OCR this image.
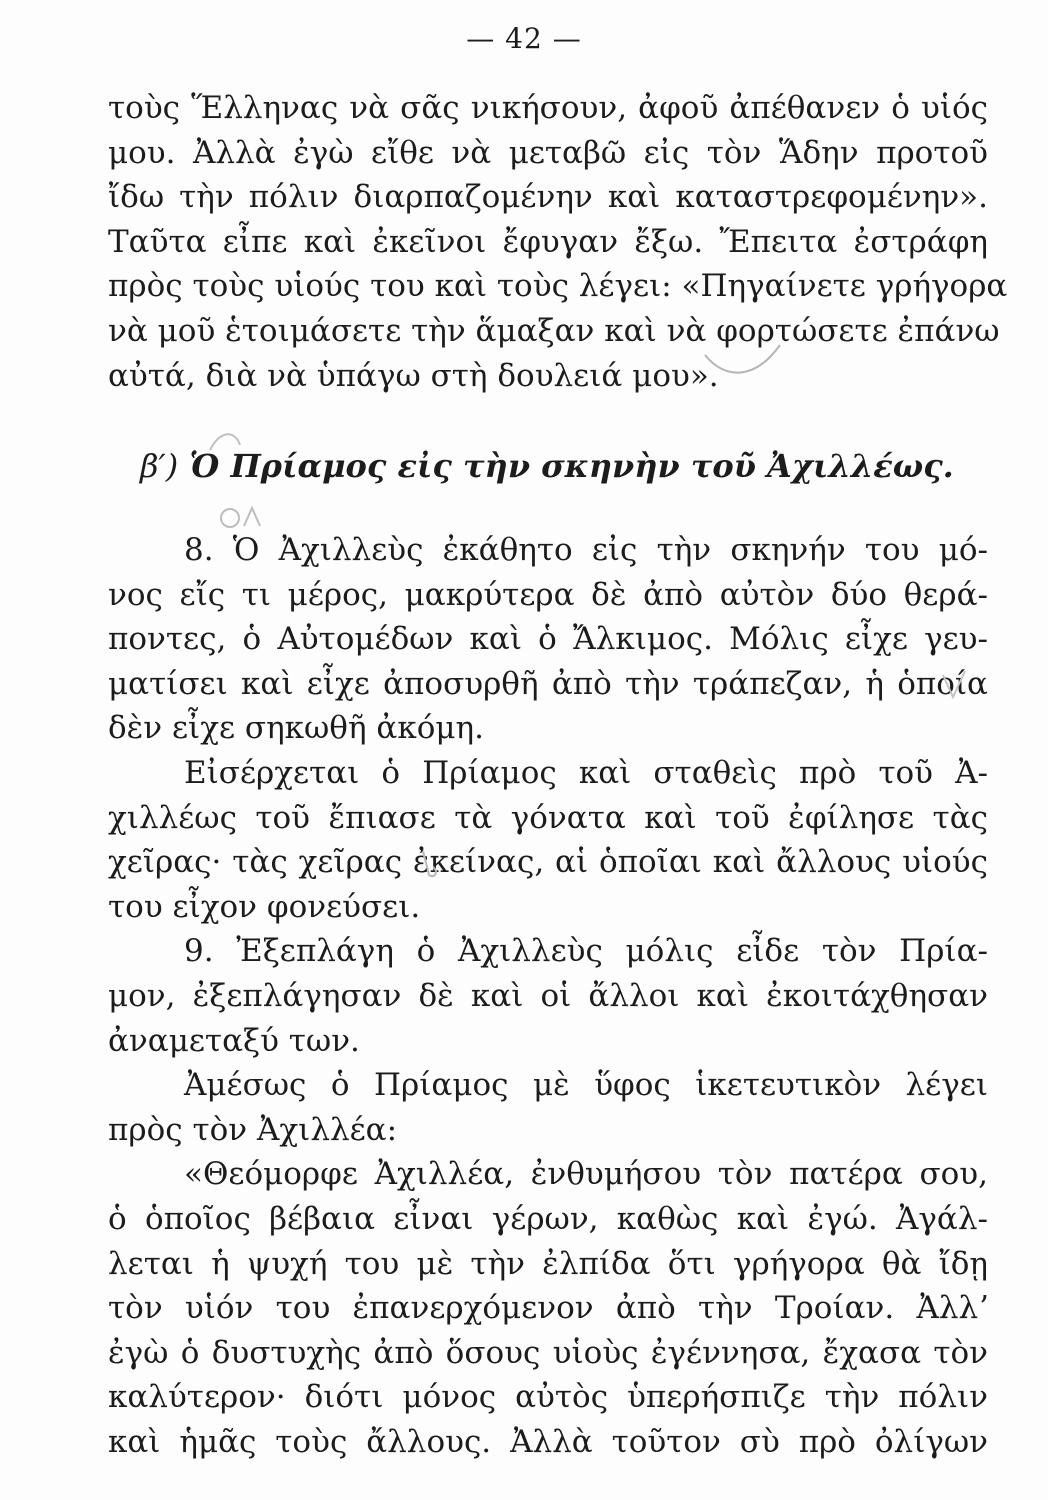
— 42 —
τοὺς Ἕλληνας νὰ σᾶς νικήσουν, ἀφοῦ ἀπέθανεν ὁ υἱός
μου. Ἀλλὰ ἐγὼ εἴθε νὰ μεταβῶ εἰς τὸν Ἅδην προτοῦ
ἴδω τὴν πόλιν διαρπαζομένην καὶ καταστρεφομένην».
Ταῦτα εἶπε καὶ ἐκεῖνοι ἔφυγαν ἔξω. Ἔπειτα ἐστράφη
πρὸς τοὺς υἱούς του καὶ τοὺς λέγει: «Πηγαίνετε γρήγορα
νὰ μοῦ ἑτοιμάσετε τὴν ἅμαξαν καὶ νὰ φορτώσετε ἐπάνω
αὐτά, διὰ νὰ ὑπάγω στὴ δουλειά μου».
β′) Ὁ Πρίαμος εἰς τὴν σκηνὴν τοῦ Ἀχιλλέως.
8. Ὁ Ἀχιλλεὺς ἐκάθητο εἰς τὴν σκηνήν του μό-
νος εἴς τι μέρος, μακρύτερα δὲ ἀπὸ αὐτὸν δύο θερά-
ποντες, ὁ Αὐτομέδων καὶ ὁ Ἄλκιμος. Μόλις εἶχε γευ-
ματίσει καὶ εἶχε ἀποσυρθῆ ἀπὸ τὴν τράπεζαν, ἡ ὁποία
δὲν εἶχε σηκωθῆ ἀκόμη.
Εἰσέρχεται ὁ Πρίαμος καὶ σταθεὶς πρὸ τοῦ Ἀ-
χιλλέως τοῦ ἔπιασε τὰ γόνατα καὶ τοῦ ἐφίλησε τὰς
χεῖρας· τὰς χεῖρας ἐκείνας, αἱ ὁποῖαι καὶ ἄλλους υἱούς
του εἶχον φονεύσει.
9. Ἐξεπλάγη ὁ Ἀχιλλεὺς μόλις εἶδε τὸν Πρία-
μον, ἐξεπλάγησαν δὲ καὶ οἱ ἄλλοι καὶ ἐκοιτάχθησαν
ἀναμεταξύ των.
Ἀμέσως ὁ Πρίαμος μὲ ὕφος ἱκετευτικὸν λέγει
πρὸς τὸν Ἀχιλλέα:
«Θεόμορφε Ἀχιλλέα, ἐνθυμήσου τὸν πατέρα σου,
ὁ ὁποῖος βέβαια εἶναι γέρων, καθὼς καὶ ἐγώ. Ἀγάλ-
λεται ἡ ψυχή του μὲ τὴν ἐλπίδα ὅτι γρήγορα θὰ ἴδῃ
τὸν υἱόν του ἐπανερχόμενον ἀπὸ τὴν Τροίαν. Ἀλλʼ
ἐγὼ ὁ δυστυχὴς ἀπὸ ὅσους υἱοὺς ἐγέννησα, ἔχασα τὸν
καλύτερον· διότι μόνος αὐτὸς ὑπερήσπιζε τὴν πόλιν
καὶ ἡμᾶς τοὺς ἄλλους. Ἀλλὰ τοῦτον σὺ πρὸ ὀλίγων
